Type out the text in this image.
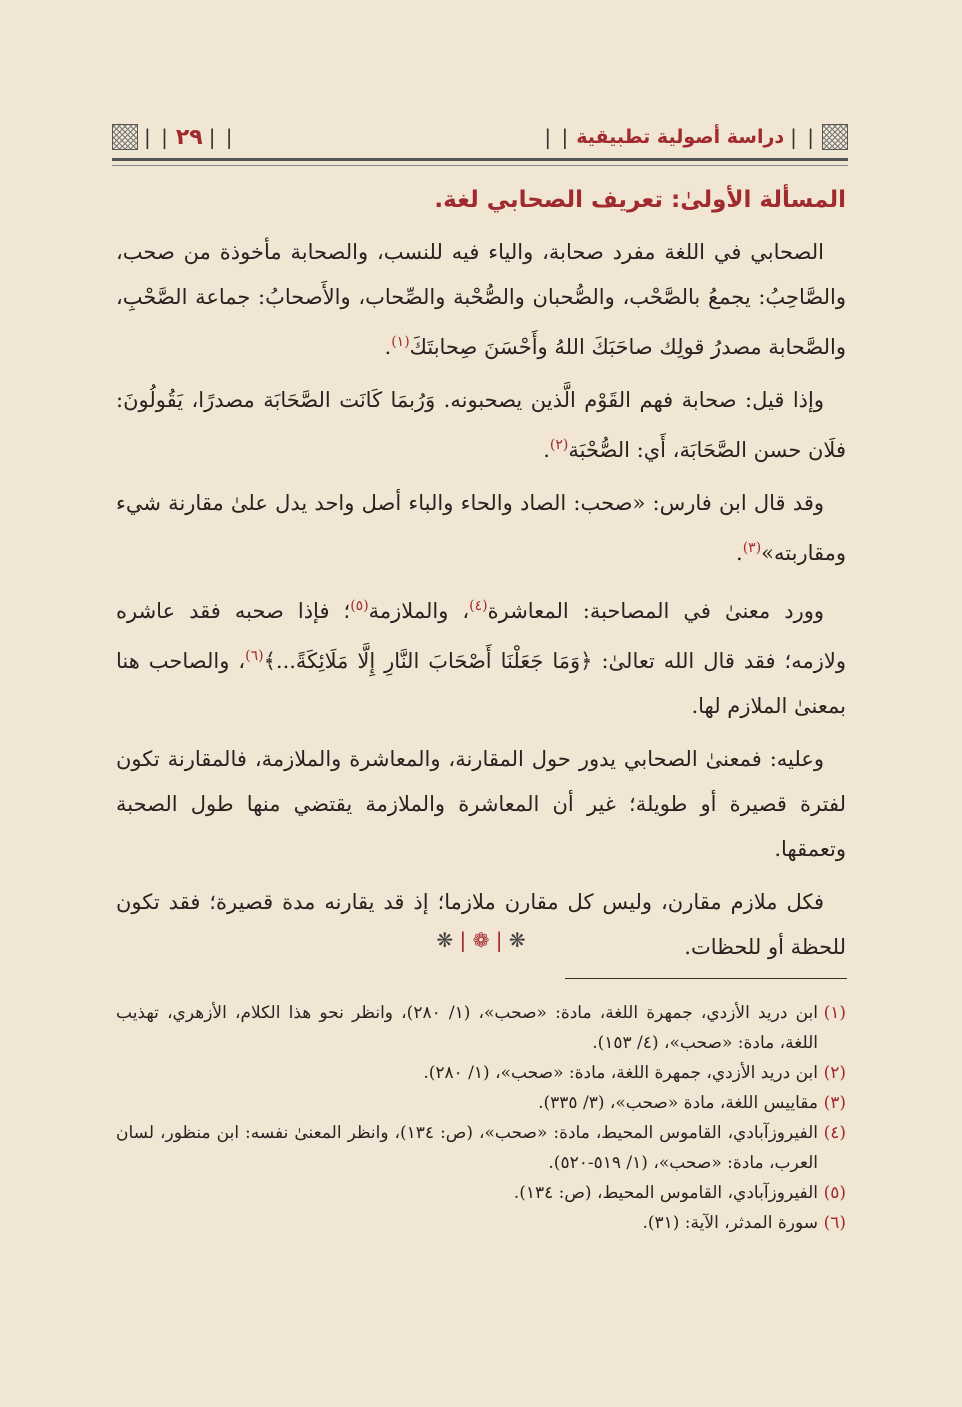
| |
دراسة أصولية تطبيقية
| |
| |
٢٩
| |
المسألة الأولىٰ: تعريف الصحابي لغة.

الصحابي في اللغة مفرد صحابة، والياء فيه للنسب، والصحابة مأخوذة من صحب، والصَّاحِبُ: يجمعُ بالصَّحْب، والصُّحبان والصُّحْبة والصِّحاب، والأَصحابُ: جماعة الصَّحْبِ، والصَّحابة مصدرُ قولِك صاحَبَكَ اللهُ وأَحْسَنَ صِحابتَكَ$^{(١)}$.

وإذا قيل: صحابة فهم القَوْم الَّذين يصحبونه. وَرُبمَا كَانَت الصَّحَابَة مصدرًا، يَقُولُونَ: فلَان حسن الصَّحَابَة، أَي: الصُّحْبَة$^{(٢)}$.

وقد قال ابن فارس: «صحب: الصاد والحاء والباء أصل واحد يدل علىٰ مقارنة شيء ومقاربته»$^{(٣)}$.

وورد معنىٰ في المصاحبة: المعاشرة$^{(٤)}$، والملازمة$^{(٥)}$؛ فإذا صحبه فقد عاشره ولازمه؛ فقد قال الله تعالىٰ: ﴿وَمَا جَعَلْنَا أَصْحَابَ النَّارِ إِلَّا مَلَائِكَةً...﴾$^{(٦)}$، والصاحب هنا بمعنىٰ الملازم لها.

وعليه: فمعنىٰ الصحابي يدور حول المقارنة، والمعاشرة والملازمة، فالمقارنة تكون لفترة قصيرة أو طويلة؛ غير أن المعاشرة والملازمة يقتضي منها طول الصحبة وتعمقها.

فكل ملازم مقارن، وليس كل مقارن ملازما؛ إذ قد يقارنه مدة قصيرة؛ فقد تكون للحظة أو للحظات.

❋ | ❁ | ❋
(١)ابن دريد الأزدي، جمهرة اللغة، مادة: «صحب»، (١/ ٢٨٠)، وانظر نحو هذا الكلام، الأزهري، تهذيب اللغة، مادة: «صحب»، (٤/ ١٥٣).
(٢)ابن دريد الأزدي، جمهرة اللغة، مادة: «صحب»، (١/ ٢٨٠).
(٣)مقاييس اللغة، مادة «صحب»، (٣/ ٣٣٥).
(٤)الفيروزآبادي، القاموس المحيط، مادة: «صحب»، (ص: ١٣٤)، وانظر المعنىٰ نفسه: ابن منظور، لسان العرب، مادة: «صحب»، (١/ ٥١٩-٥٢٠).
(٥)الفيروزآبادي، القاموس المحيط، (ص: ١٣٤).
(٦)سورة المدثر، الآية: (٣١).
